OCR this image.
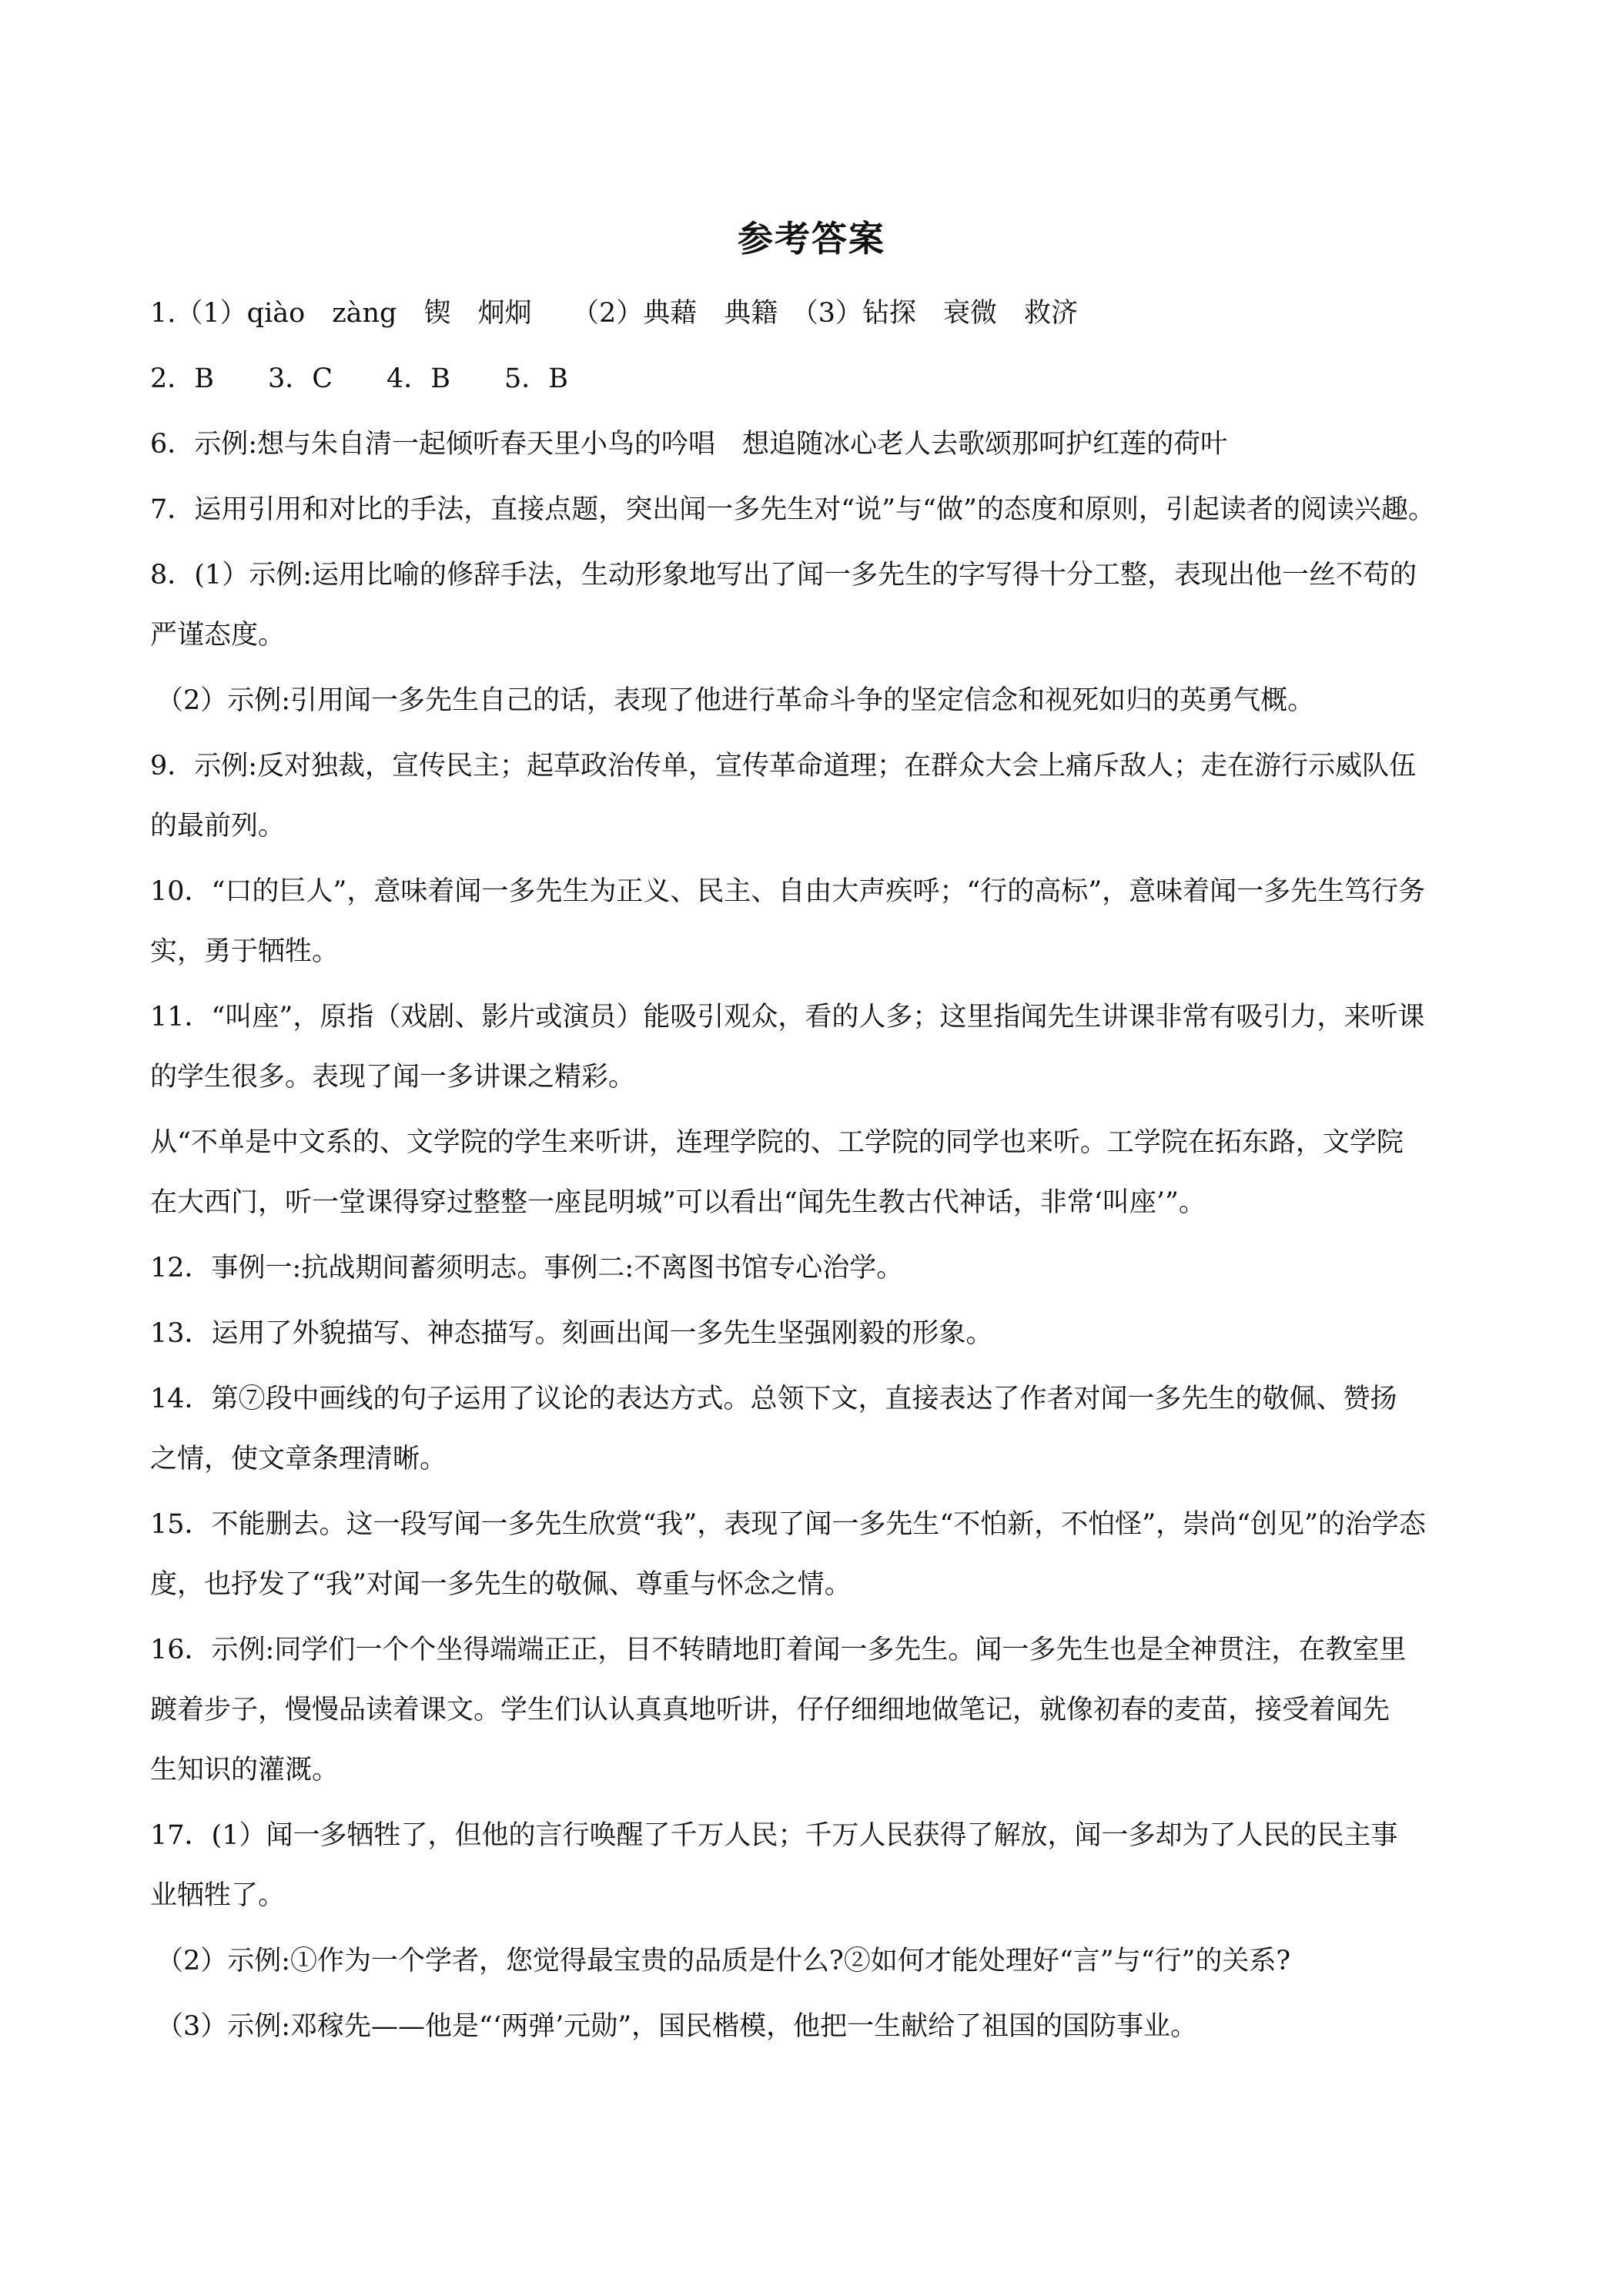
参考答案
1.（1）qiào　zàng　锲　炯炯　　（2）典藉　典籍　（3）钻探　衰微　救济
2．B　　3．C　　4．B　　5．B
6．示例:想与朱自清一起倾听春天里小鸟的吟唱　想追随冰心老人去歌颂那呵护红莲的荷叶
7．运用引用和对比的手法，直接点题，突出闻一多先生对“说”与“做”的态度和原则，引起读者的阅读兴趣。
8．(1）示例:运用比喻的修辞手法，生动形象地写出了闻一多先生的字写得十分工整，表现出他一丝不苟的
严谨态度。
（2）示例:引用闻一多先生自己的话，表现了他进行革命斗争的坚定信念和视死如归的英勇气概。
9．示例:反对独裁，宣传民主；起草政治传单，宣传革命道理；在群众大会上痛斥敌人；走在游行示威队伍
的最前列。
10．“口的巨人”，意味着闻一多先生为正义、民主、自由大声疾呼；“行的高标”，意味着闻一多先生笃行务
实，勇于牺牲。
11．“叫座”，原指（戏剧、影片或演员）能吸引观众，看的人多；这里指闻先生讲课非常有吸引力，来听课
的学生很多。表现了闻一多讲课之精彩。
从“不单是中文系的、文学院的学生来听讲，连理学院的、工学院的同学也来听。工学院在拓东路，文学院
在大西门，听一堂课得穿过整整一座昆明城”可以看出“闻先生教古代神话，非常‘叫座’”。
12．事例一:抗战期间蓄须明志。事例二:不离图书馆专心治学。
13．运用了外貌描写、神态描写。刻画出闻一多先生坚强刚毅的形象。
14．第⑦段中画线的句子运用了议论的表达方式。总领下文，直接表达了作者对闻一多先生的敬佩、赞扬
之情，使文章条理清晰。
15．不能删去。这一段写闻一多先生欣赏“我”，表现了闻一多先生“不怕新，不怕怪”，崇尚“创见”的治学态
度，也抒发了“我”对闻一多先生的敬佩、尊重与怀念之情。
16．示例:同学们一个个坐得端端正正，目不转睛地盯着闻一多先生。闻一多先生也是全神贯注，在教室里
踱着步子，慢慢品读着课文。学生们认认真真地听讲，仔仔细细地做笔记，就像初春的麦苗，接受着闻先
生知识的灌溉。
17．(1）闻一多牺牲了，但他的言行唤醒了千万人民；千万人民获得了解放，闻一多却为了人民的民主事
业牺牲了。
（2）示例:①作为一个学者，您觉得最宝贵的品质是什么?②如何才能处理好“言”与“行”的关系?
（3）示例:邓稼先——他是“‘两弹’元勋”，国民楷模，他把一生献给了祖国的国防事业。
